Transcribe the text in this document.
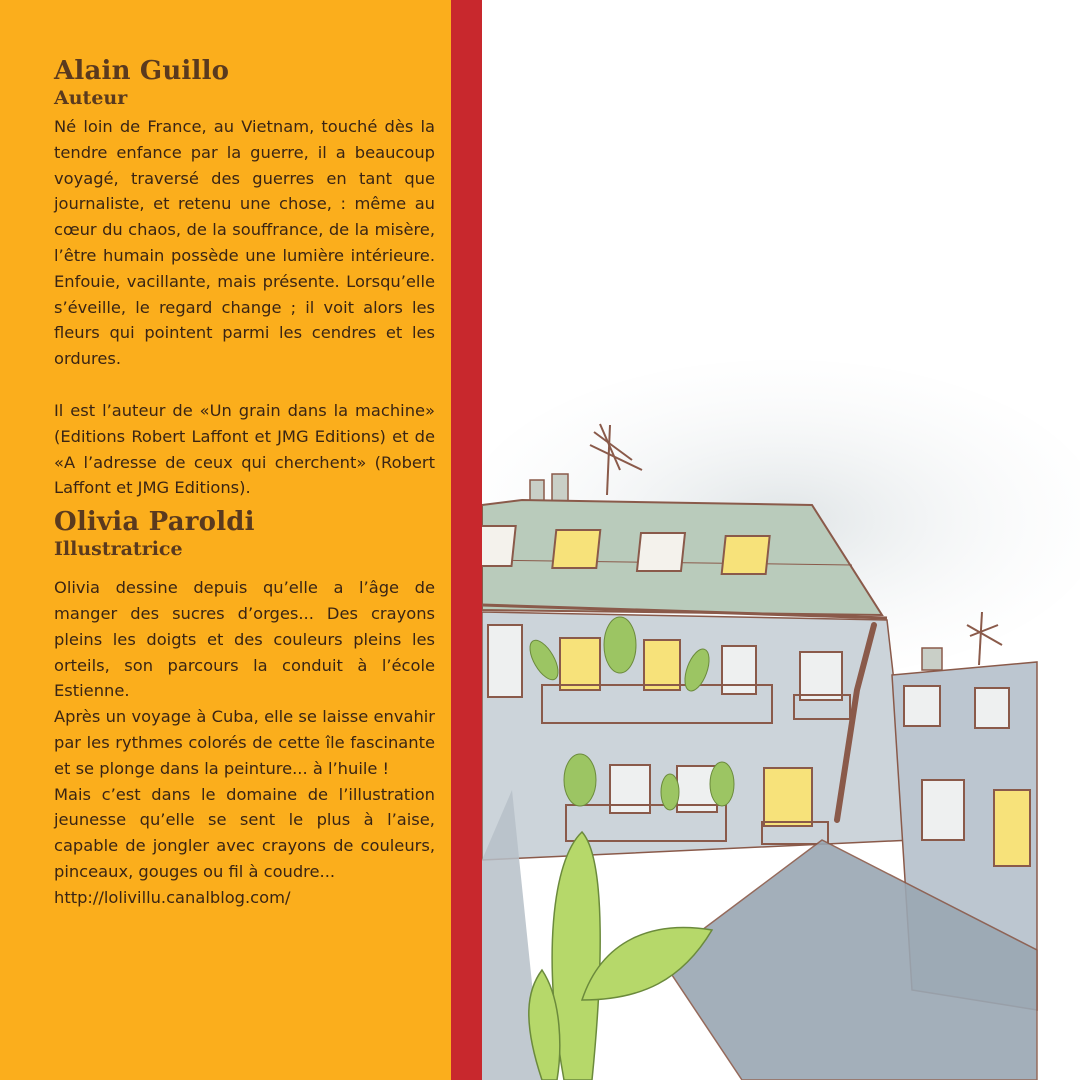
Alain Guillo
Auteur

Né loin de France, au Vietnam, touché dès la tendre enfance par la guerre, il a beaucoup voyagé, traversé des guerres en tant que journaliste, et retenu une chose, : même au cœur du chaos, de la souffrance, de la misère, l’être humain possède une lumière intérieure. Enfouie, vacillante, mais présente. Lorsqu’elle s’éveille, le regard change ; il voit alors les fleurs qui pointent parmi les cendres et les ordures.

Il est l’auteur de «Un grain dans la machine» (Editions Robert Laffont et JMG Editions) et de «A l’adresse de ceux qui cherchent» (Robert Laffont et JMG Editions).

Olivia Paroldi
Illustratrice

Olivia dessine depuis qu’elle a l’âge de manger des sucres d’orges... Des crayons pleins les doigts et des couleurs pleins les orteils, son parcours la conduit à l’école Estienne.

Après un voyage à Cuba, elle se laisse envahir par les rythmes colorés de cette île fascinante et se plonge dans la peinture... à l’huile !

Mais c’est dans le domaine de l’illustration jeunesse qu’elle se sent le plus à l’aise, capable de jongler avec crayons de couleurs, pinceaux, gouges ou fil à coudre...

http://lolivillu.canalblog.com/
